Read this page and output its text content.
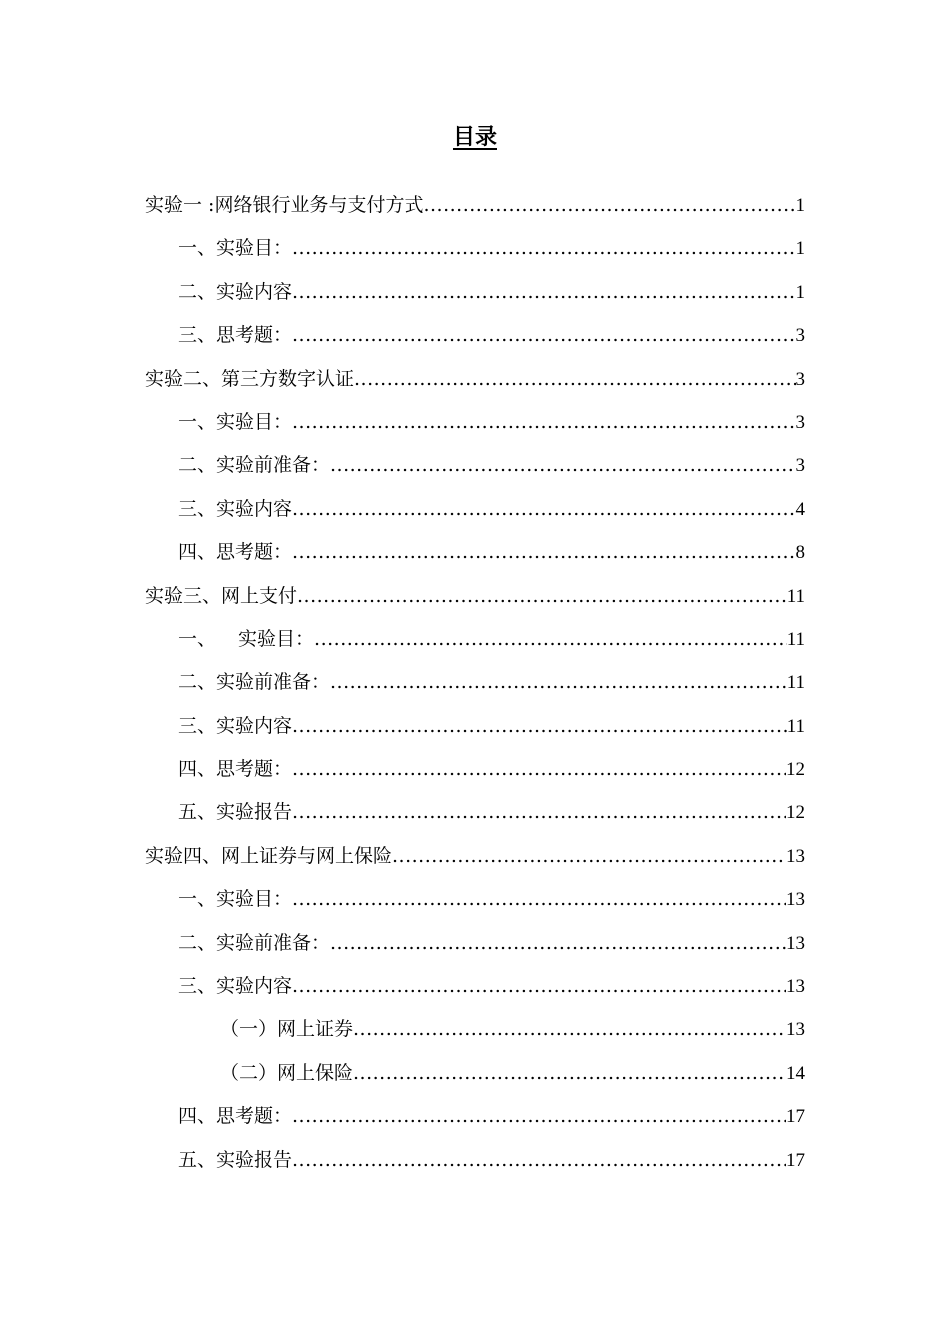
目录
实验一 :网络银行业务与支付方式 .....	1
一、实验目： .....	1
二、实验内容 .....	1
三、思考题： .....	3
实验二、第三方数字认证 .....	3
一、实验目： .....	3
二、实验前准备： .....	3
三、实验内容 .....	4
四、思考题： .....	8
实验三、网上支付 .....	11
一、 实验目： .....	11
二、实验前准备： .....	11
三、实验内容 .....	11
四、思考题： .....	12
五、实验报告 .....	12
实验四、网上证券与网上保险 .....	13
一、实验目： .....	13
二、实验前准备： .....	13
三、实验内容 .....	13
（一）网上证券 .....	13
（二）网上保险 .....	14
四、思考题： .....	17
五、实验报告 .....	17
